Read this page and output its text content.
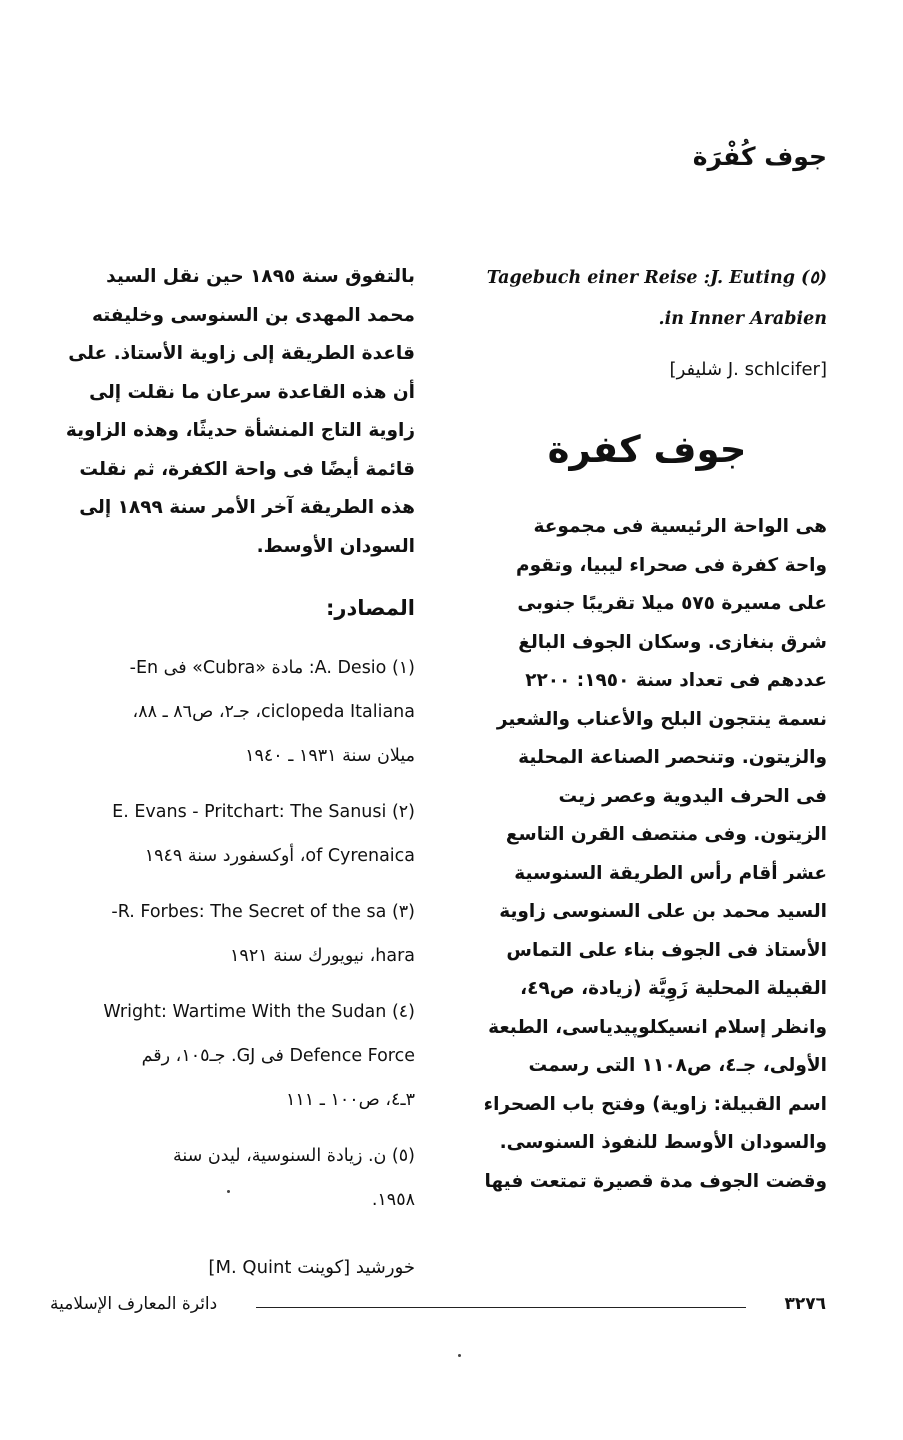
جوف كُفْرَة

Tagebuch einer Reise :J. Euting (٥)
.in Inner Arabien

[J. schlcifer شليفر]

جوف كفرة
هى الواحة الرئيسية فى مجموعة
واحة كفرة فى صحراء ليبيا، وتقوم
على مسيرة ٥٧٥ ميلا تقريبًا جنوبى
شرق بنغازى. وسكان الجوف البالغ
عددهم فى تعداد سنة ١٩٥٠: ٢٢٠٠
نسمة ينتجون البلح والأعناب والشعير
والزيتون. وتنحصر الصناعة المحلية
فى الحرف اليدوية وعصر زيت
الزيتون. وفى منتصف القرن التاسع
عشر أقام رأس الطريقة السنوسية
السيد محمد بن على السنوسى زاوية
الأستاذ فى الجوف بناء على التماس
القبيلة المحلية زَوِيَّة (زيادة، ص٤٩،
وانظر إسلام انسيكلوپيدياسى، الطبعة
الأولى، جـ٤، ص١١٠٨ التى رسمت
اسم القبيلة: زاوية) وفتح باب الصحراء
والسودان الأوسط للنفوذ السنوسى.
وقضت الجوف مدة قصيرة تمتعت فيها
بالتفوق سنة ١٨٩٥ حين نقل السيد
محمد المهدى بن السنوسى وخليفته
قاعدة الطريقة إلى زاوية الأستاذ. على
أن هذه القاعدة سرعان ما نقلت إلى
زاوية التاج المنشأة حديثًا، وهذه الزاوية
قائمة أيضًا فى واحة الكفرة، ثم نقلت
هذه الطريقة آخر الأمر سنة ١٨٩٩ إلى
السودان الأوسط.
المصادر:
(١) A. Desio: مادة «Cubra» فى En-
ciclopeda Italiana، جـ٢، ص٨٦ ـ ٨٨،
ميلان سنة ١٩٣١ ـ ١٩٤٠
(٢) E. Evans - Pritchart: The Sanusi
of Cyrenaica، أوكسفورد سنة ١٩٤٩
(٣) R. Forbes: The Secret of the sa-
hara، نيويورك سنة ١٩٢١
(٤) Wright: Wartime With the Sudan
Defence Force فى GJ. جـ١٠٥، رقم
٣ـ٤، ص١٠٠ ـ ١١١
(٥) ن. زيادة السنوسية، ليدن سنة
١٩٥٨.
خورشيد [كوينت M. Quint]
دائرة المعارف الإسلامية	٣٢٧٦
